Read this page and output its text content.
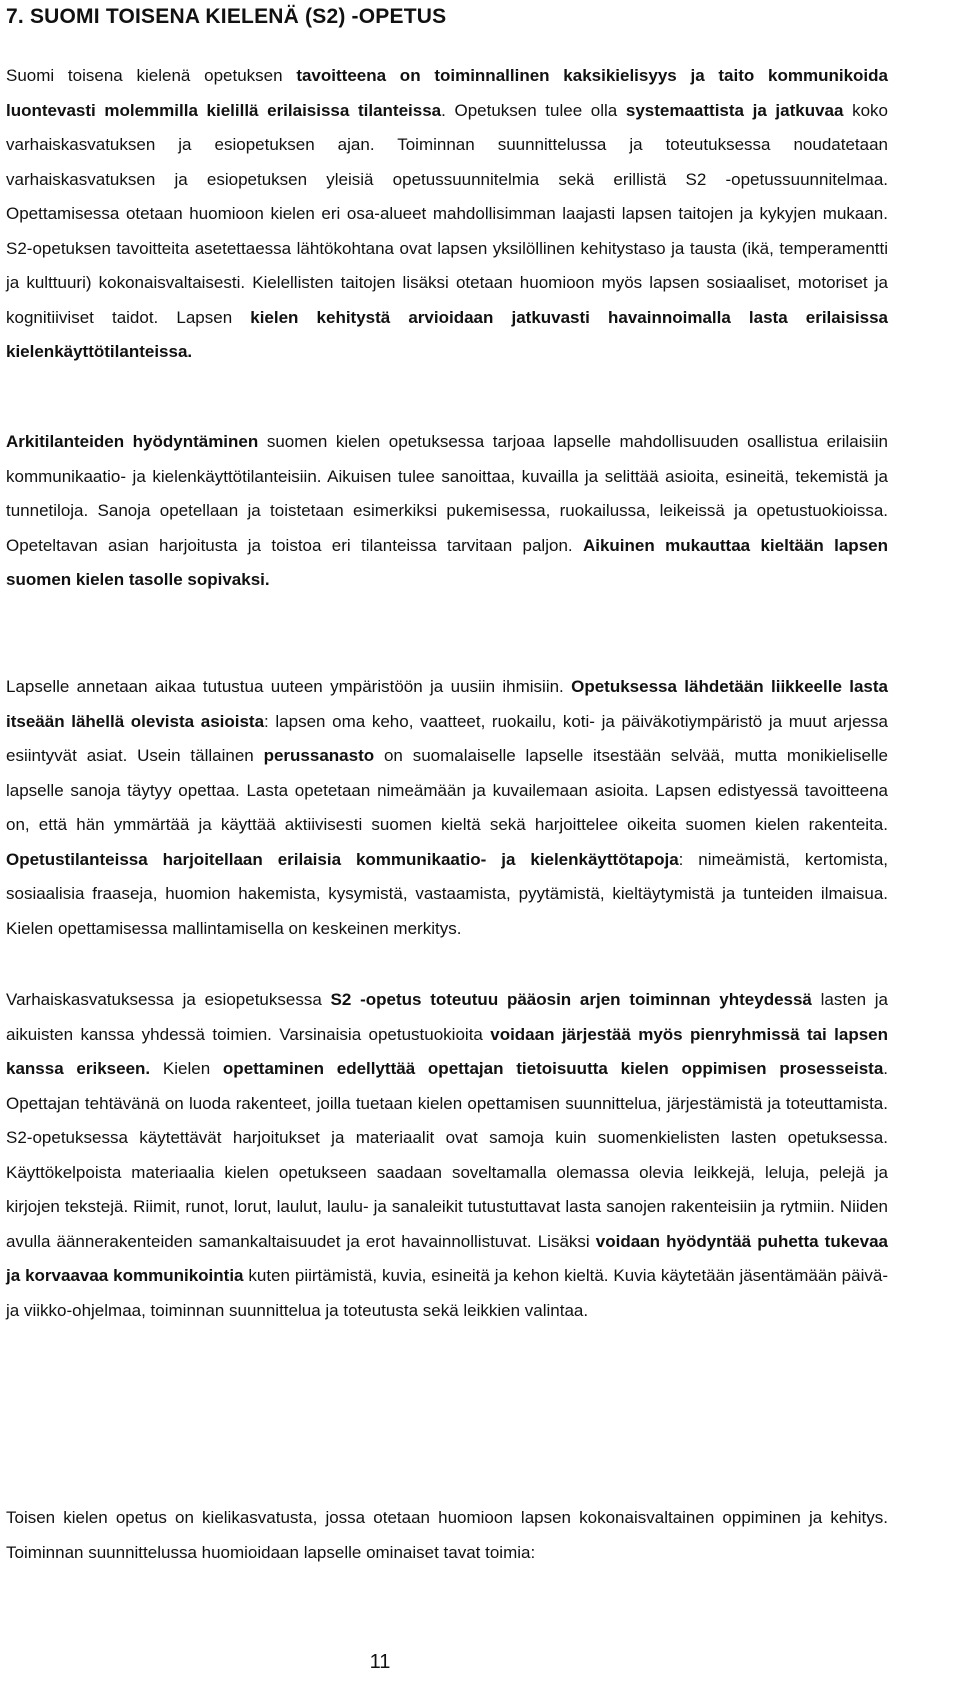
7. SUOMI TOISENA KIELENÄ (S2) -OPETUS

Suomi toisena kielenä opetuksen tavoitteena on toiminnallinen kaksikielisyys ja taito kommunikoida luontevasti molemmilla kielillä erilaisissa tilanteissa. Opetuksen tulee olla systemaattista ja jatkuvaa koko varhaiskasvatuksen ja esiopetuksen ajan. Toiminnan suunnittelussa ja toteutuksessa noudatetaan varhaiskasvatuksen ja esiopetuksen yleisiä opetussuunnitelmia sekä erillistä S2 -opetussuunnitelmaa. Opettamisessa otetaan huomioon kielen eri osa-alueet mahdollisimman laajasti lapsen taitojen ja kykyjen mukaan. S2-opetuksen tavoitteita asetettaessa lähtökohtana ovat lapsen yksilöllinen kehitystaso ja tausta (ikä, temperamentti ja kulttuuri) kokonaisvaltaisesti. Kielellisten taitojen lisäksi otetaan huomioon myös lapsen sosiaaliset, motoriset ja kognitiiviset taidot. Lapsen kielen kehitystä arvioidaan jatkuvasti havainnoimalla lasta erilaisissa kielenkäyttötilanteissa.

Arkitilanteiden hyödyntäminen suomen kielen opetuksessa tarjoaa lapselle mahdollisuuden osallistua erilaisiin kommunikaatio- ja kielenkäyttötilanteisiin. Aikuisen tulee sanoittaa, kuvailla ja selittää asioita, esineitä, tekemistä ja tunnetiloja. Sanoja opetellaan ja toistetaan esimerkiksi pukemisessa, ruokailussa, leikeissä ja opetustuokioissa. Opeteltavan asian harjoitusta ja toistoa eri tilanteissa tarvitaan paljon. Aikuinen mukauttaa kieltään lapsen suomen kielen tasolle sopivaksi.

Lapselle annetaan aikaa tutustua uuteen ympäristöön ja uusiin ihmisiin. Opetuksessa lähdetään liikkeelle lasta itseään lähellä olevista asioista: lapsen oma keho, vaatteet, ruokailu, koti- ja päiväkotiympäristö ja muut arjessa esiintyvät asiat. Usein tällainen perussanasto on suomalaiselle lapselle itsestään selvää, mutta monikieliselle lapselle sanoja täytyy opettaa. Lasta opetetaan nimeämään ja kuvailemaan asioita. Lapsen edistyessä tavoitteena on, että hän ymmärtää ja käyttää aktiivisesti suomen kieltä sekä harjoittelee oikeita suomen kielen rakenteita. Opetustilanteissa harjoitellaan erilaisia kommunikaatio- ja kielenkäyttötapoja: nimeämistä, kertomista, sosiaalisia fraaseja, huomion hakemista, kysymistä, vastaamista, pyytämistä, kieltäytymistä ja tunteiden ilmaisua. Kielen opettamisessa mallintamisella on keskeinen merkitys.

Varhaiskasvatuksessa ja esiopetuksessa S2 -opetus toteutuu pääosin arjen toiminnan yhteydessä lasten ja aikuisten kanssa yhdessä toimien. Varsinaisia opetustuokioita voidaan järjestää myös pienryhmissä tai lapsen kanssa erikseen. Kielen opettaminen edellyttää opettajan tietoisuutta kielen oppimisen prosesseista. Opettajan tehtävänä on luoda rakenteet, joilla tuetaan kielen opettamisen suunnittelua, järjestämistä ja toteuttamista. S2-opetuksessa käytettävät harjoitukset ja materiaalit ovat samoja kuin suomenkielisten lasten opetuksessa. Käyttökelpoista materiaalia kielen opetukseen saadaan soveltamalla olemassa olevia leikkejä, leluja, pelejä ja kirjojen tekstejä. Riimit, runot, lorut, laulut, laulu- ja sanaleikit tutustuttavat lasta sanojen rakenteisiin ja rytmiin. Niiden avulla äännerakenteiden samankaltaisuudet ja erot havainnollistuvat. Lisäksi voidaan hyödyntää puhetta tukevaa ja korvaavaa kommunikointia kuten piirtämistä, kuvia, esineitä ja kehon kieltä. Kuvia käytetään jäsentämään päivä- ja viikko-ohjelmaa, toiminnan suunnittelua ja toteutusta sekä leikkien valintaa.

Toisen kielen opetus on kielikasvatusta, jossa otetaan huomioon lapsen kokonaisvaltainen oppiminen ja kehitys. Toiminnan suunnittelussa huomioidaan lapselle ominaiset tavat toimia:

11
